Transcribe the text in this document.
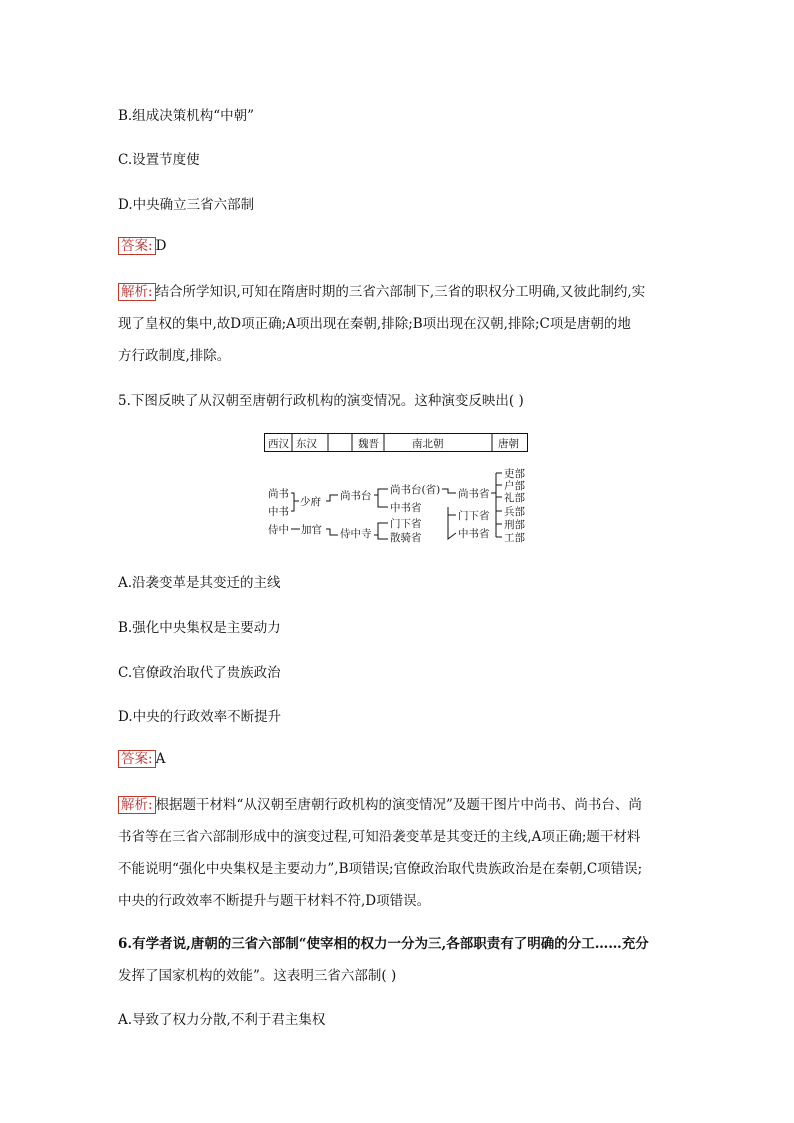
B.组成决策机构“中朝”
C.设置节度使
D.中央确立三省六部制
答案: D
解析: 结合所学知识,可知在隋唐时期的三省六部制下,三省的职权分工明确,又彼此制约,实
现了皇权的集中,故D项正确;A项出现在秦朝,排除;B项出现在汉朝,排除;C项是唐朝的地
方行政制度,排除。
5.下图反映了从汉朝至唐朝行政机构的演变情况。这种演变反映出( )
西汉 东汉	魏晋	南北朝	唐朝
尚书
中书
侍中
少府
加官
尚书台
侍中寺
尚书台(省)
中书省
门下省
散骑省
尚书省
门下省
中书省
吏部
户部
礼部
兵部
刑部
工部
A.沿袭变革是其变迁的主线
B.强化中央集权是主要动力
C.官僚政治取代了贵族政治
D.中央的行政效率不断提升
答案: A
解析: 根据题干材料“从汉朝至唐朝行政机构的演变情况”及题干图片中尚书、尚书台、尚
书省等在三省六部制形成中的演变过程,可知沿袭变革是其变迁的主线,A项正确;题干材料
不能说明“强化中央集权是主要动力”,B项错误;官僚政治取代贵族政治是在秦朝,C项错误;
中央的行政效率不断提升与题干材料不符,D项错误。
6.有学者说,唐朝的三省六部制“使宰相的权力一分为三,各部职责有了明确的分工……充分
发挥了国家机构的效能”。这表明三省六部制( )
A.导致了权力分散,不利于君主集权
